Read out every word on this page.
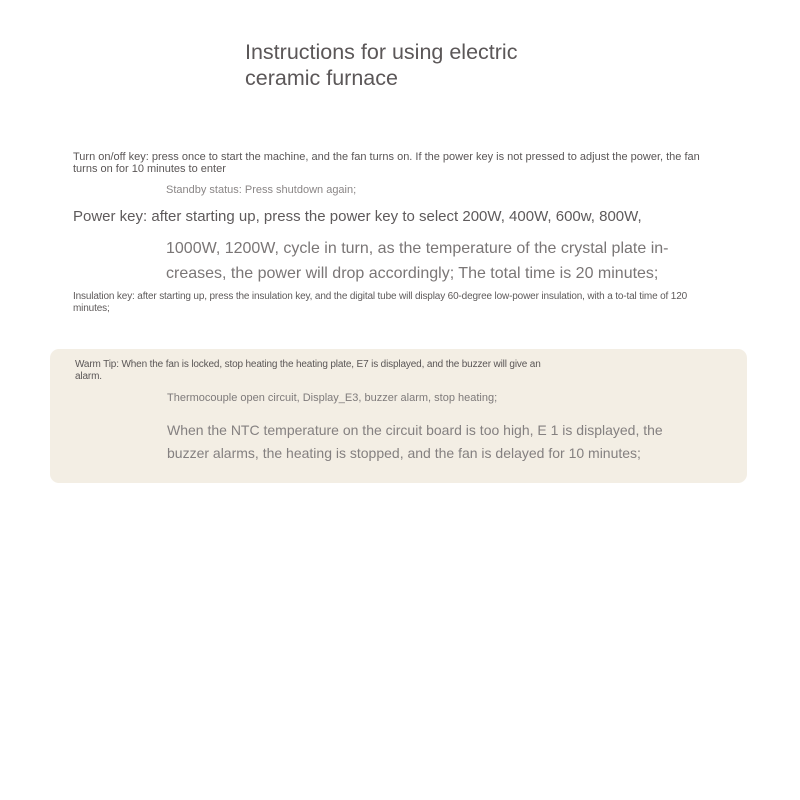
Instructions for using electric ceramic furnace
Turn on/off key: press once to start the machine, and the fan turns on. If the power key is not pressed to adjust the power, the fan turns on for 10 minutes to enter
Standby status: Press shutdown again;
Power key: after starting up, press the power key to select 200W, 400W, 600w, 800W,
1000W, 1200W, cycle in turn, as the temperature of the crystal plate in-creases, the power will drop accordingly; The total time is 20 minutes;
Insulation key: after starting up, press the insulation key, and the digital tube will display 60-degree low-power insulation, with a to-tal time of 120 minutes;
Warm Tip: When the fan is locked, stop heating the heating plate, E7 is displayed, and the buzzer will give an alarm.
Thermocouple open circuit, Display_E3, buzzer alarm, stop heating;
When the NTC temperature on the circuit board is too high, E 1 is displayed, the buzzer alarms, the heating is stopped, and the fan is delayed for 10 minutes;
